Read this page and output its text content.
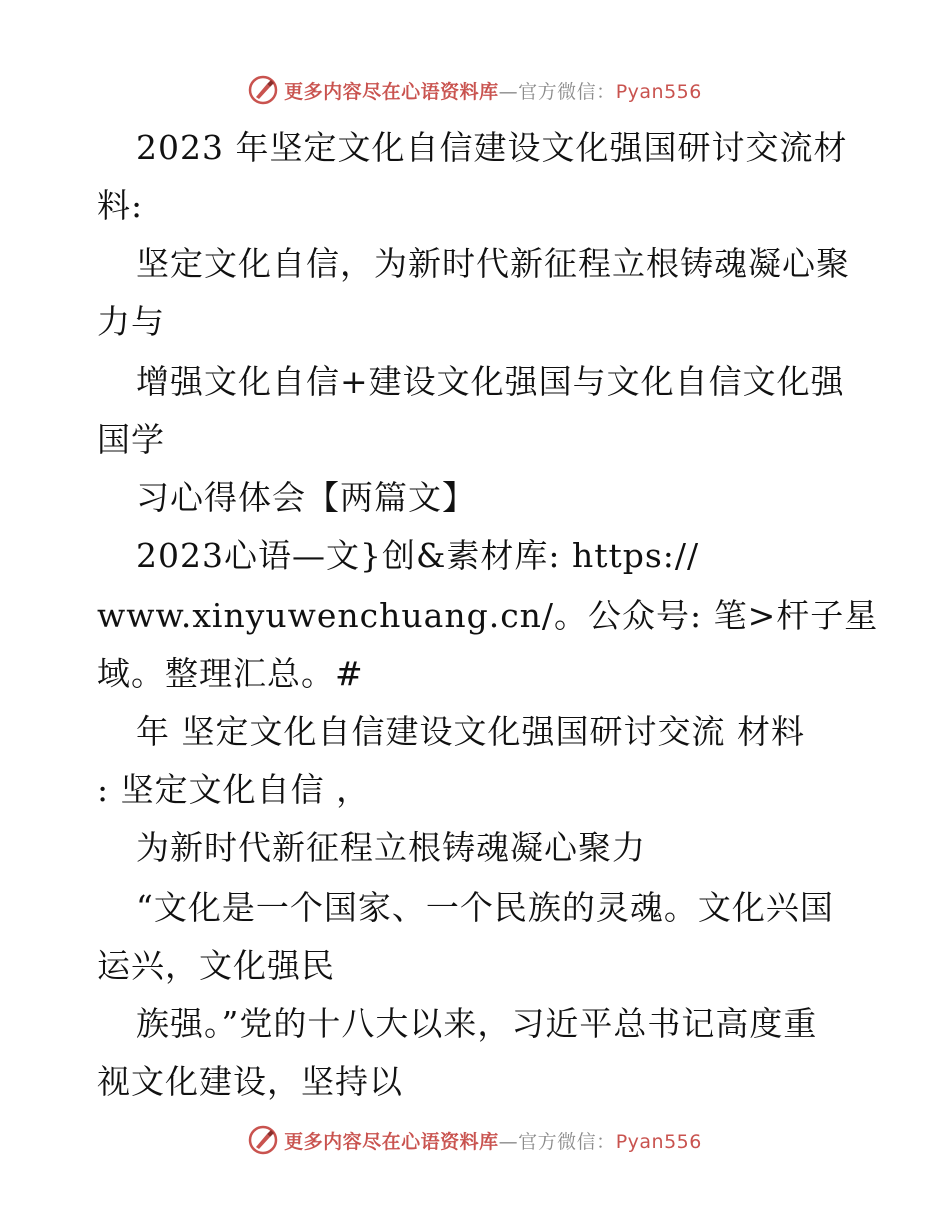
更多内容尽在心语资料库—官方微信：Pyan556
2023 年坚定文化自信建设文化强国研讨交流材
料:
坚定文化自信，为新时代新征程立根铸魂凝心聚
力与
增强文化自信+建设文化强国与文化自信文化强
国学
习心得体会【两篇文】
2023心语—文}创&素材库: https://
www.xinyuwenchuang.cn/。公众号: 笔>杆子星
域。整理汇总。#
年 坚定文化自信建设文化强国研讨交流 材料
: 坚定文化自信 ，
为新时代新征程立根铸魂凝心聚力
“文化是一个国家、一个民族的灵魂。文化兴国
运兴，文化强民
族强。”党的十八大以来，习近平总书记高度重
视文化建设，坚持以
更多内容尽在心语资料库—官方微信：Pyan556
